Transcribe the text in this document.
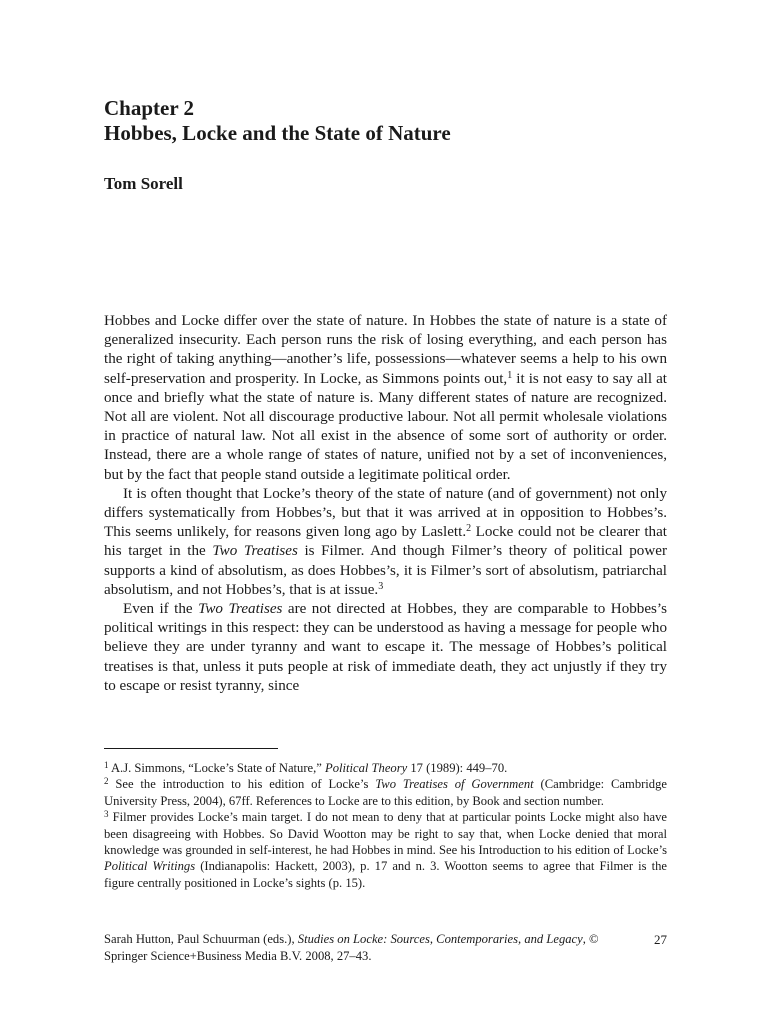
Chapter 2
Hobbes, Locke and the State of Nature
Tom Sorell

Hobbes and Locke differ over the state of nature. In Hobbes the state of nature is a state of generalized insecurity. Each person runs the risk of losing everything, and each person has the right of taking anything—another’s life, possessions—whatever seems a help to his own self-preservation and prosperity. In Locke, as Simmons points out,$^1$ it is not easy to say all at once and briefly what the state of nature is. Many different states of nature are recognized. Not all are violent. Not all discourage productive labour. Not all permit wholesale violations in practice of natural law. Not all exist in the absence of some sort of authority or order. Instead, there are a whole range of states of nature, unified not by a set of inconveniences, but by the fact that people stand outside a legitimate political order.

It is often thought that Locke’s theory of the state of nature (and of government) not only differs systematically from Hobbes’s, but that it was arrived at in opposition to Hobbes’s. This seems unlikely, for reasons given long ago by Laslett.$^2$ Locke could not be clearer that his target in the Two Treatises is Filmer. And though Filmer’s theory of political power supports a kind of absolutism, as does Hobbes’s, it is Filmer’s sort of absolutism, patriarchal absolutism, and not Hobbes’s, that is at issue.$^3$

Even if the Two Treatises are not directed at Hobbes, they are comparable to Hobbes’s political writings in this respect: they can be understood as having a message for people who believe they are under tyranny and want to escape it. The message of Hobbes’s political treatises is that, unless it puts people at risk of immediate death, they act unjustly if they try to escape or resist tyranny, since

$^1$ A.J. Simmons, “Locke’s State of Nature,” Political Theory 17 (1989): 449–70.

$^2$ See the introduction to his edition of Locke’s Two Treatises of Government (Cambridge: Cambridge University Press, 2004), 67ff. References to Locke are to this edition, by Book and section number.

$^3$ Filmer provides Locke’s main target. I do not mean to deny that at particular points Locke might also have been disagreeing with Hobbes. So David Wootton may be right to say that, when Locke denied that moral knowledge was grounded in self-interest, he had Hobbes in mind. See his Introduction to his edition of Locke’s Political Writings (Indianapolis: Hackett, 2003), p. 17 and n. 3. Wootton seems to agree that Filmer is the figure centrally positioned in Locke’s sights (p. 15).

Sarah Hutton, Paul Schuurman (eds.), Studies on Locke: Sources, Contemporaries, and Legacy, © Springer Science+Business Media B.V. 2008, 27–43.
27
